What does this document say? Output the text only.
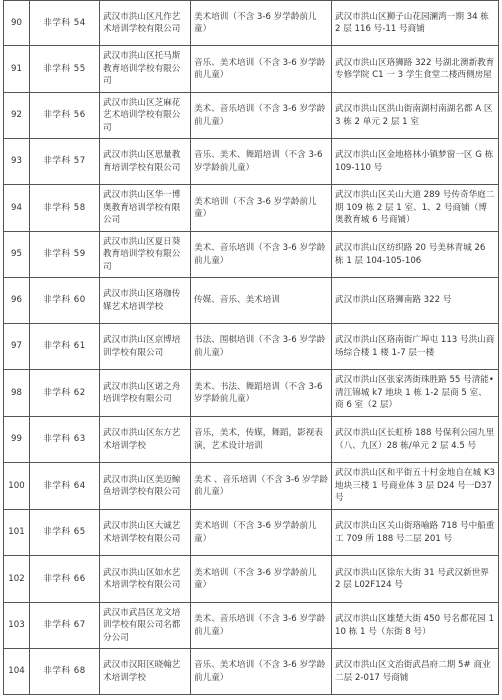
90 非学科 54
武汉市洪山区凡作艺术培训学校有限公司
美术培训（不含 3-6 岁学龄前儿童）
武汉市洪山区狮子山花园澜湾一期 34 栋 2 层 116 号-11 号商铺
91 非学科 55
武汉市洪山区托马斯教育培训学校有限公司
音乐、美术培训（不含 3-6 岁学龄前儿童）
武汉市洪山区珞狮路 322 号湖北澳新教育专修学院 C1 一 3 学生食堂二楼西侧房屋
92 非学科 56
武汉市洪山区芝麻花艺术培训学校有限公司
美术、音乐培训（不含 3-6 岁学龄前儿童）
武汉市洪山区洪山街南湖村南湖名都 A 区 3 栋 2 单元 2 层 1 室
93 非学科 57
武汉市洪山区思量教育培训学校有限公司
音乐、美术、舞蹈培训（不含 3-6 岁学龄前儿童）
武汉市洪山区金地格林小镇梦窗一区 G 栋 109-110 号
94 非学科 58
武汉市洪山区华一博奥教育培训学校有限公司
美术培训（不含 3-6 岁学龄前儿童）
武汉市洪山区关山大道 289 号传奇华庭二期 109 栋 2 层 1 室、1、2 号商铺（博奥教育城 6 号商铺）
95 非学科 59
武汉市洪山区夏日葵教育培训学校有限公司
美术、音乐培训（不含 3-6 岁学龄前儿童）
武汉市洪山区纺织路 20 号美林青城 26 栋 1 层 104-105-106
96 非学科 60
武汉市洪山区珞珈传媒艺术培训学校
传媒、音乐、美术培训	武汉市洪山区珞狮南路 322 号
97 非学科 61
武汉市洪山区京博培训学校有限公司
书法、围棋培训（不含 3-6 岁学龄前儿童）
武汉市洪山区珞南街广埠屯 113 号洪山商场综合楼 1 楼 1-7 层一楼
98 非学科 62
武汉市洪山区诺之舟培训学校有限公司
美术、书法、舞蹈培训（不含 3-6 岁学龄前儿童）
武汉市洪山区张家湾街珠胜路 55 号清能•清江锦城 k7 地块 1 栋 1-2 层商 5 室、商 6 室（2 层）
99 非学科 63
武汉市洪山区东方艺术培训学校
音乐，美术，传媒，舞蹈，影视表演，艺术设计培训
武汉市洪山区长虹桥 188 号保利公园九里（八、九区）28 栋/单元 2 层 4.5 号
100 非学科 64
武汉市洪山区美迈鲸鱼培训学校有限公司
美术 、音乐培训（不含 3-6 岁学龄前儿童）
武汉市洪山区和平街五十村金地自在城 K3 地块三楼 1 号商业体 3 层 D24 号一D37 号
101 非学科 65
武汉市洪山区大诚艺术培训学校有限公司
美术培训（不含 3-6 岁学龄前儿童）
武汉市洪山区关山街珞喻路 718 号中船重工 709 所 188 号二层 201 号
102 非学科 66
武汉市洪山区如水艺术培训学校有限公司
美术培训（不含 3-6 岁学龄前儿童）
武汉市洪山区徐东大街 31 号武汉新世界 2 层 L02F124 号
103 非学科 67
武汉市武昌区龙文培训学校有限公司名都分公司
美术、音乐培训（不含 3-6 岁学龄前儿童）
武汉市洪山区雄楚大街 450 号名都花园 110 栋 1 号（东街 8 号）
104 非学科 68
武汉市汉阳区晓翰艺术培训学校
音乐、美术培训（不含 3-6 岁学龄前儿童）
武汉市洪山区文治街武昌府二期 5# 商业二层 2-017 号商铺
